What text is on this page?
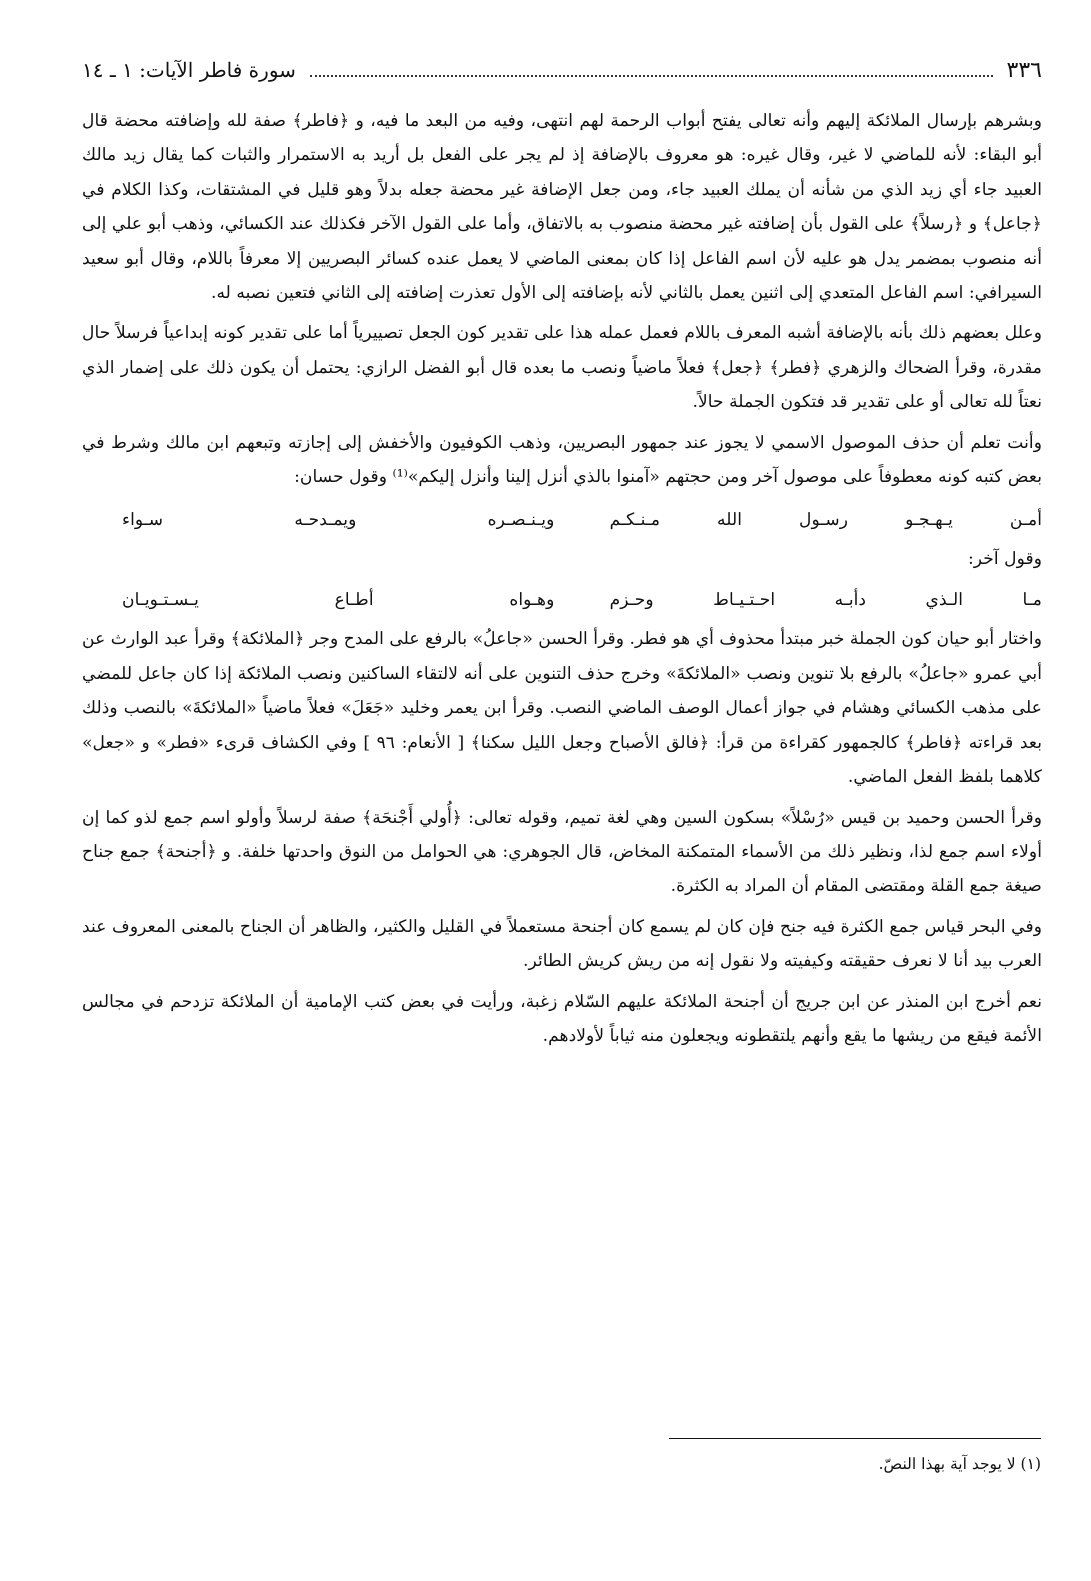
٣٣٦
سورة فاطر الآيات: ١ ـ ١٤

وبشرهم بإرسال الملائكة إليهم وأنه تعالى يفتح أبواب الرحمة لهم انتهى، وفيه من البعد ما فيه، و ﴿فاطر﴾ صفة لله وإضافته محضة قال أبو البقاء: لأنه للماضي لا غير، وقال غيره: هو معروف بالإضافة إذ لم يجر على الفعل بل أريد به الاستمرار والثبات كما يقال زيد مالك العبيد جاء أي زيد الذي من شأنه أن يملك العبيد جاء، ومن جعل الإضافة غير محضة جعله بدلاً وهو قليل في المشتقات، وكذا الكلام في ﴿جاعل﴾ و ﴿رسلاً﴾ على القول بأن إضافته غير محضة منصوب به بالاتفاق، وأما على القول الآخر فكذلك عند الكسائي، وذهب أبو علي إلى أنه منصوب بمضمر يدل هو عليه لأن اسم الفاعل إذا كان بمعنى الماضي لا يعمل عنده كسائر البصريين إلا معرفاً باللام، وقال أبو سعيد السيرافي: اسم الفاعل المتعدي إلى اثنين يعمل بالثاني لأنه بإضافته إلى الأول تعذرت إضافته إلى الثاني فتعين نصبه له.

وعلل بعضهم ذلك بأنه بالإضافة أشبه المعرف باللام فعمل عمله هذا على تقدير كون الجعل تصييرياً أما على تقدير كونه إبداعياً فرسلاً حال مقدرة، وقرأ الضحاك والزهري ﴿فطر﴾ ﴿جعل﴾ فعلاً ماضياً ونصب ما بعده قال أبو الفضل الرازي: يحتمل أن يكون ذلك على إضمار الذي نعتاً لله تعالى أو على تقدير قد فتكون الجملة حالاً.

وأنت تعلم أن حذف الموصول الاسمي لا يجوز عند جمهور البصريين، وذهب الكوفيون والأخفش إلى إجازته وتبعهم ابن مالك وشرط في بعض كتبه كونه معطوفاً على موصول آخر ومن حجتهم «آمنوا بالذي أنزل إلينا وأنزل إليكم»⁽¹⁾ وقول حسان:

أمـن يـهـجـو رسـول الله مـنـكـم
ويـنـصـره ويمـدحـه سـواء

وقول آخر:

مـا الـذي دأبـه احـتـيـاط وحـزم
وهـواه أطـاع يـسـتـويـان

واختار أبو حيان كون الجملة خبر مبتدأ محذوف أي هو فطر. وقرأ الحسن «جاعلُ» بالرفع على المدح وجر ﴿الملائكة﴾ وقرأ عبد الوارث عن أبي عمرو «جاعلُ» بالرفع بلا تنوين ونصب «الملائكةَ» وخرج حذف التنوين على أنه لالتقاء الساكنين ونصب الملائكة إذا كان جاعل للمضي على مذهب الكسائي وهشام في جواز أعمال الوصف الماضي النصب. وقرأ ابن يعمر وخليد «جَعَلَ» فعلاً ماضياً «الملائكةَ» بالنصب وذلك بعد قراءته ﴿فاطر﴾ كالجمهور كقراءة من قرأ: ﴿فالق الأصباح وجعل الليل سكنا﴾ [ الأنعام: ٩٦ ] وفي الكشاف قرىء «فطر» و «جعل» كلاهما بلفظ الفعل الماضي.

وقرأ الحسن وحميد بن قيس «رُسْلاً» بسكون السين وهي لغة تميم، وقوله تعالى: ﴿أُولي أَجْنحَة﴾ صفة لرسلاً وأولو اسم جمع لذو كما إن أولاء اسم جمع لذا، ونظير ذلك من الأسماء المتمكنة المخاض، قال الجوهري: هي الحوامل من النوق واحدتها خلفة. و ﴿أجنحة﴾ جمع جناح صيغة جمع القلة ومقتضى المقام أن المراد به الكثرة.

وفي البحر قياس جمع الكثرة فيه جنح فإن كان لم يسمع كان أجنحة مستعملاً في القليل والكثير، والظاهر أن الجناح بالمعنى المعروف عند العرب بيد أنا لا نعرف حقيقته وكيفيته ولا نقول إنه من ريش كريش الطائر.

نعم أخرج ابن المنذر عن ابن جريج أن أجنحة الملائكة عليهم السّلام زغبة، ورأيت في بعض كتب الإمامية أن الملائكة تزدحم في مجالس الأئمة فيقع من ريشها ما يقع وأنهم يلتقطونه ويجعلون منه ثياباً لأولادهم.

(١) لا يوجد آية بهذا النصّ.
